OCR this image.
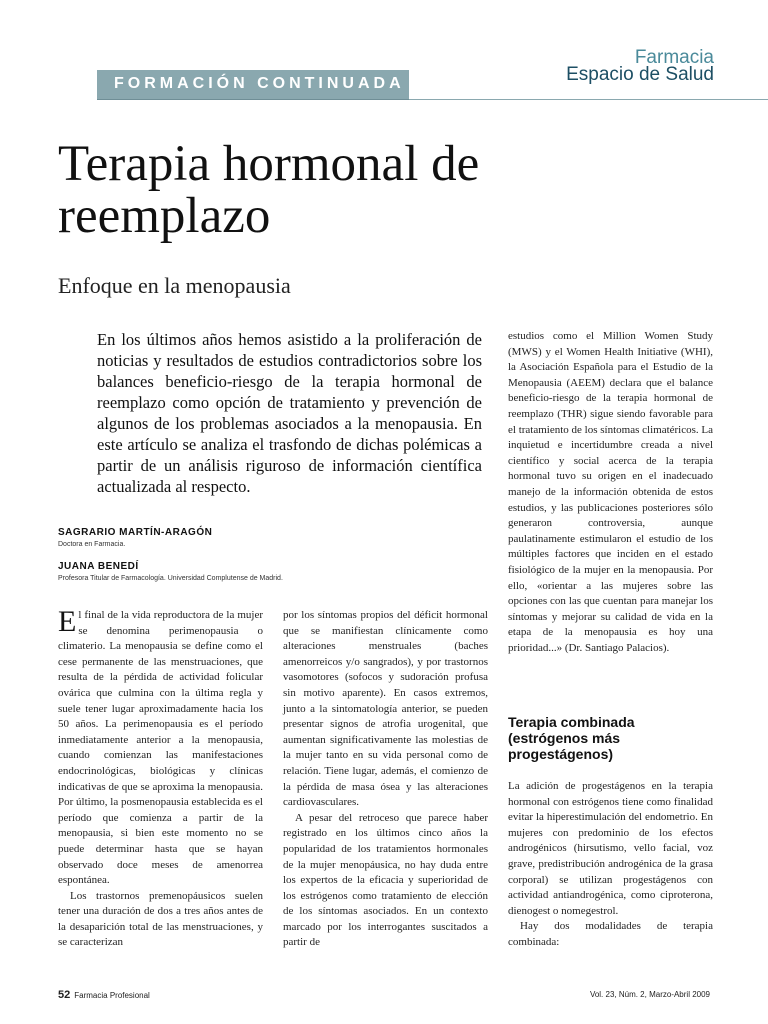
Farmacia
Espacio de Salud
FORMACIÓN CONTINUADA
Terapia hormonal de reemplazo
Enfoque en la menopausia
En los últimos años hemos asistido a la proliferación de noticias y resultados de estudios contradictorios sobre los balances beneficio-riesgo de la terapia hormonal de reemplazo como opción de tratamiento y prevención de algunos de los problemas asociados a la menopausia. En este artículo se analiza el trasfondo de dichas polémicas a partir de un análisis riguroso de información científica actualizada al respecto.
SAGRARIO MARTÍN-ARAGÓN
Doctora en Farmacia.
JUANA BENEDÍ
Profesora Titular de Farmacología. Universidad Complutense de Madrid.

El final de la vida reproductora de la mujer se denomina perimenopausia o climaterio. La menopausia se define como el cese permanente de las menstruaciones, que resulta de la pérdida de actividad folicular ovárica que culmina con la última regla y suele tener lugar aproximadamente hacia los 50 años. La perimenopausia es el período inmediatamente anterior a la menopausia, cuando comienzan las manifestaciones endocrinológicas, biológicas y clínicas indicativas de que se aproxima la menopausia. Por último, la posmenopausia establecida es el período que comienza a partir de la menopausia, si bien este momento no se puede determinar hasta que se hayan observado doce meses de amenorrea espontánea.

Los trastornos premenopáusicos suelen tener una duración de dos a tres años antes de la desaparición total de las menstruaciones, y se caracterizan

por los síntomas propios del déficit hormonal que se manifiestan clínicamente como alteraciones menstruales (baches amenorreicos y/o sangrados), y por trastornos vasomotores (sofocos y sudoración profusa sin motivo aparente). En casos extremos, junto a la sintomatología anterior, se pueden presentar signos de atrofia urogenital, que aumentan significativamente las molestias de la mujer tanto en su vida personal como de relación. Tiene lugar, además, el comienzo de la pérdida de masa ósea y las alteraciones cardiovasculares.

A pesar del retroceso que parece haber registrado en los últimos cinco años la popularidad de los tratamientos hormonales de la mujer menopáusica, no hay duda entre los expertos de la eficacia y superioridad de los estrógenos como tratamiento de elección de los síntomas asociados. En un contexto marcado por los interrogantes suscitados a partir de

estudios como el Million Women Study (MWS) y el Women Health Initiative (WHI), la Asociación Española para el Estudio de la Menopausia (AEEM) declara que el balance beneficio-riesgo de la terapia hormonal de reemplazo (THR) sigue siendo favorable para el tratamiento de los síntomas climatéricos. La inquietud e incertidumbre creada a nivel científico y social acerca de la terapia hormonal tuvo su origen en el inadecuado manejo de la información obtenida de estos estudios, y las publicaciones posteriores sólo generaron controversia, aunque paulatinamente estimularon el estudio de los múltiples factores que inciden en el estado fisiológico de la mujer en la menopausia. Por ello, «orientar a las mujeres sobre las opciones con las que cuentan para manejar los síntomas y mejorar su calidad de vida en la etapa de la menopausia es hoy una prioridad...» (Dr. Santiago Palacios).

Terapia combinada (estrógenos más progestágenos)

La adición de progestágenos en la terapia hormonal con estrógenos tiene como finalidad evitar la hiperestimulación del endometrio. En mujeres con predominio de los efectos androgénicos (hirsutismo, vello facial, voz grave, predistribución androgénica de la grasa corporal) se utilizan progestágenos con actividad antiandrogénica, como ciproterona, dienogest o nomegestrol.

Hay dos modalidades de terapia combinada:

52 Farmacia Profesional	Vol. 23, Núm. 2, Marzo-Abril 2009
